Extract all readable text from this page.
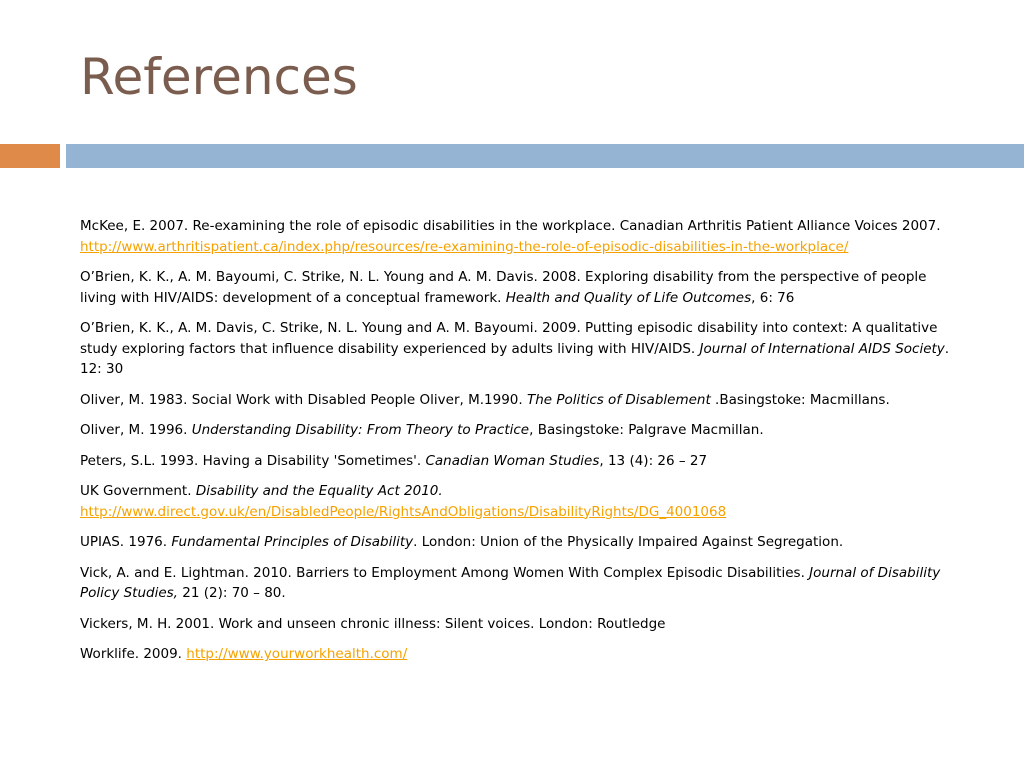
References

McKee, E. 2007. Re-examining the role of episodic disabilities in the workplace. Canadian Arthritis Patient Alliance Voices 2007. http://www.arthritispatient.ca/index.php/resources/re-examining-the-role-of-episodic-disabilities-in-the-workplace/

O’Brien, K. K., A. M. Bayoumi, C. Strike, N. L. Young and A. M. Davis. 2008. Exploring disability from the perspective of people living with HIV/AIDS: development of a conceptual framework. Health and Quality of Life Outcomes, 6: 76

O’Brien, K. K., A. M. Davis, C. Strike, N. L. Young and A. M. Bayoumi. 2009. Putting episodic disability into context: A qualitative study exploring factors that influence disability experienced by adults living with HIV/AIDS. Journal of International AIDS Society. 12: 30

Oliver, M. 1983. Social Work with Disabled People Oliver, M.1990. The Politics of Disablement .Basingstoke: Macmillans.

Oliver, M. 1996. Understanding Disability: From Theory to Practice, Basingstoke: Palgrave Macmillan.

Peters, S.L. 1993. Having a Disability 'Sometimes'. Canadian Woman Studies, 13 (4): 26 – 27

UK Government. Disability and the Equality Act 2010. http://www.direct.gov.uk/en/DisabledPeople/RightsAndObligations/DisabilityRights/DG_4001068

UPIAS. 1976. Fundamental Principles of Disability. London: Union of the Physically Impaired Against Segregation.

Vick, A. and E. Lightman. 2010. Barriers to Employment Among Women With Complex Episodic Disabilities. Journal of Disability Policy Studies, 21 (2): 70 – 80.

Vickers, M. H. 2001. Work and unseen chronic illness: Silent voices. London: Routledge

Worklife. 2009. http://www.yourworkhealth.com/
